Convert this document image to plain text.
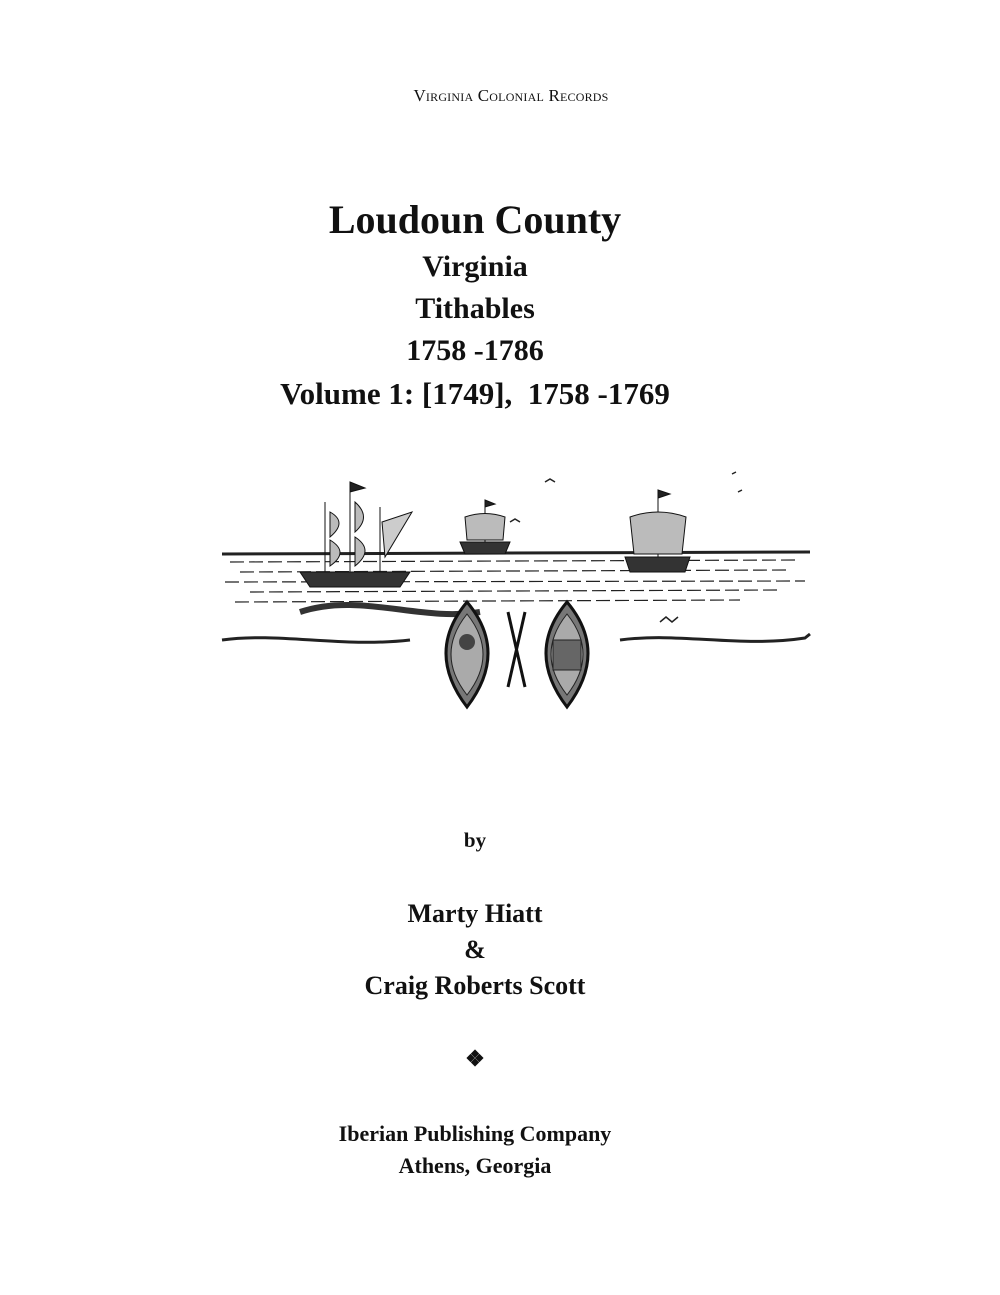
Virginia Colonial Records
Loudoun County
Virginia
Tithables
1758 -1786
Volume 1: [1749],  1758 -1769
by
Marty Hiatt
&
Craig Roberts Scott
❖
Iberian Publishing Company
Athens, Georgia
